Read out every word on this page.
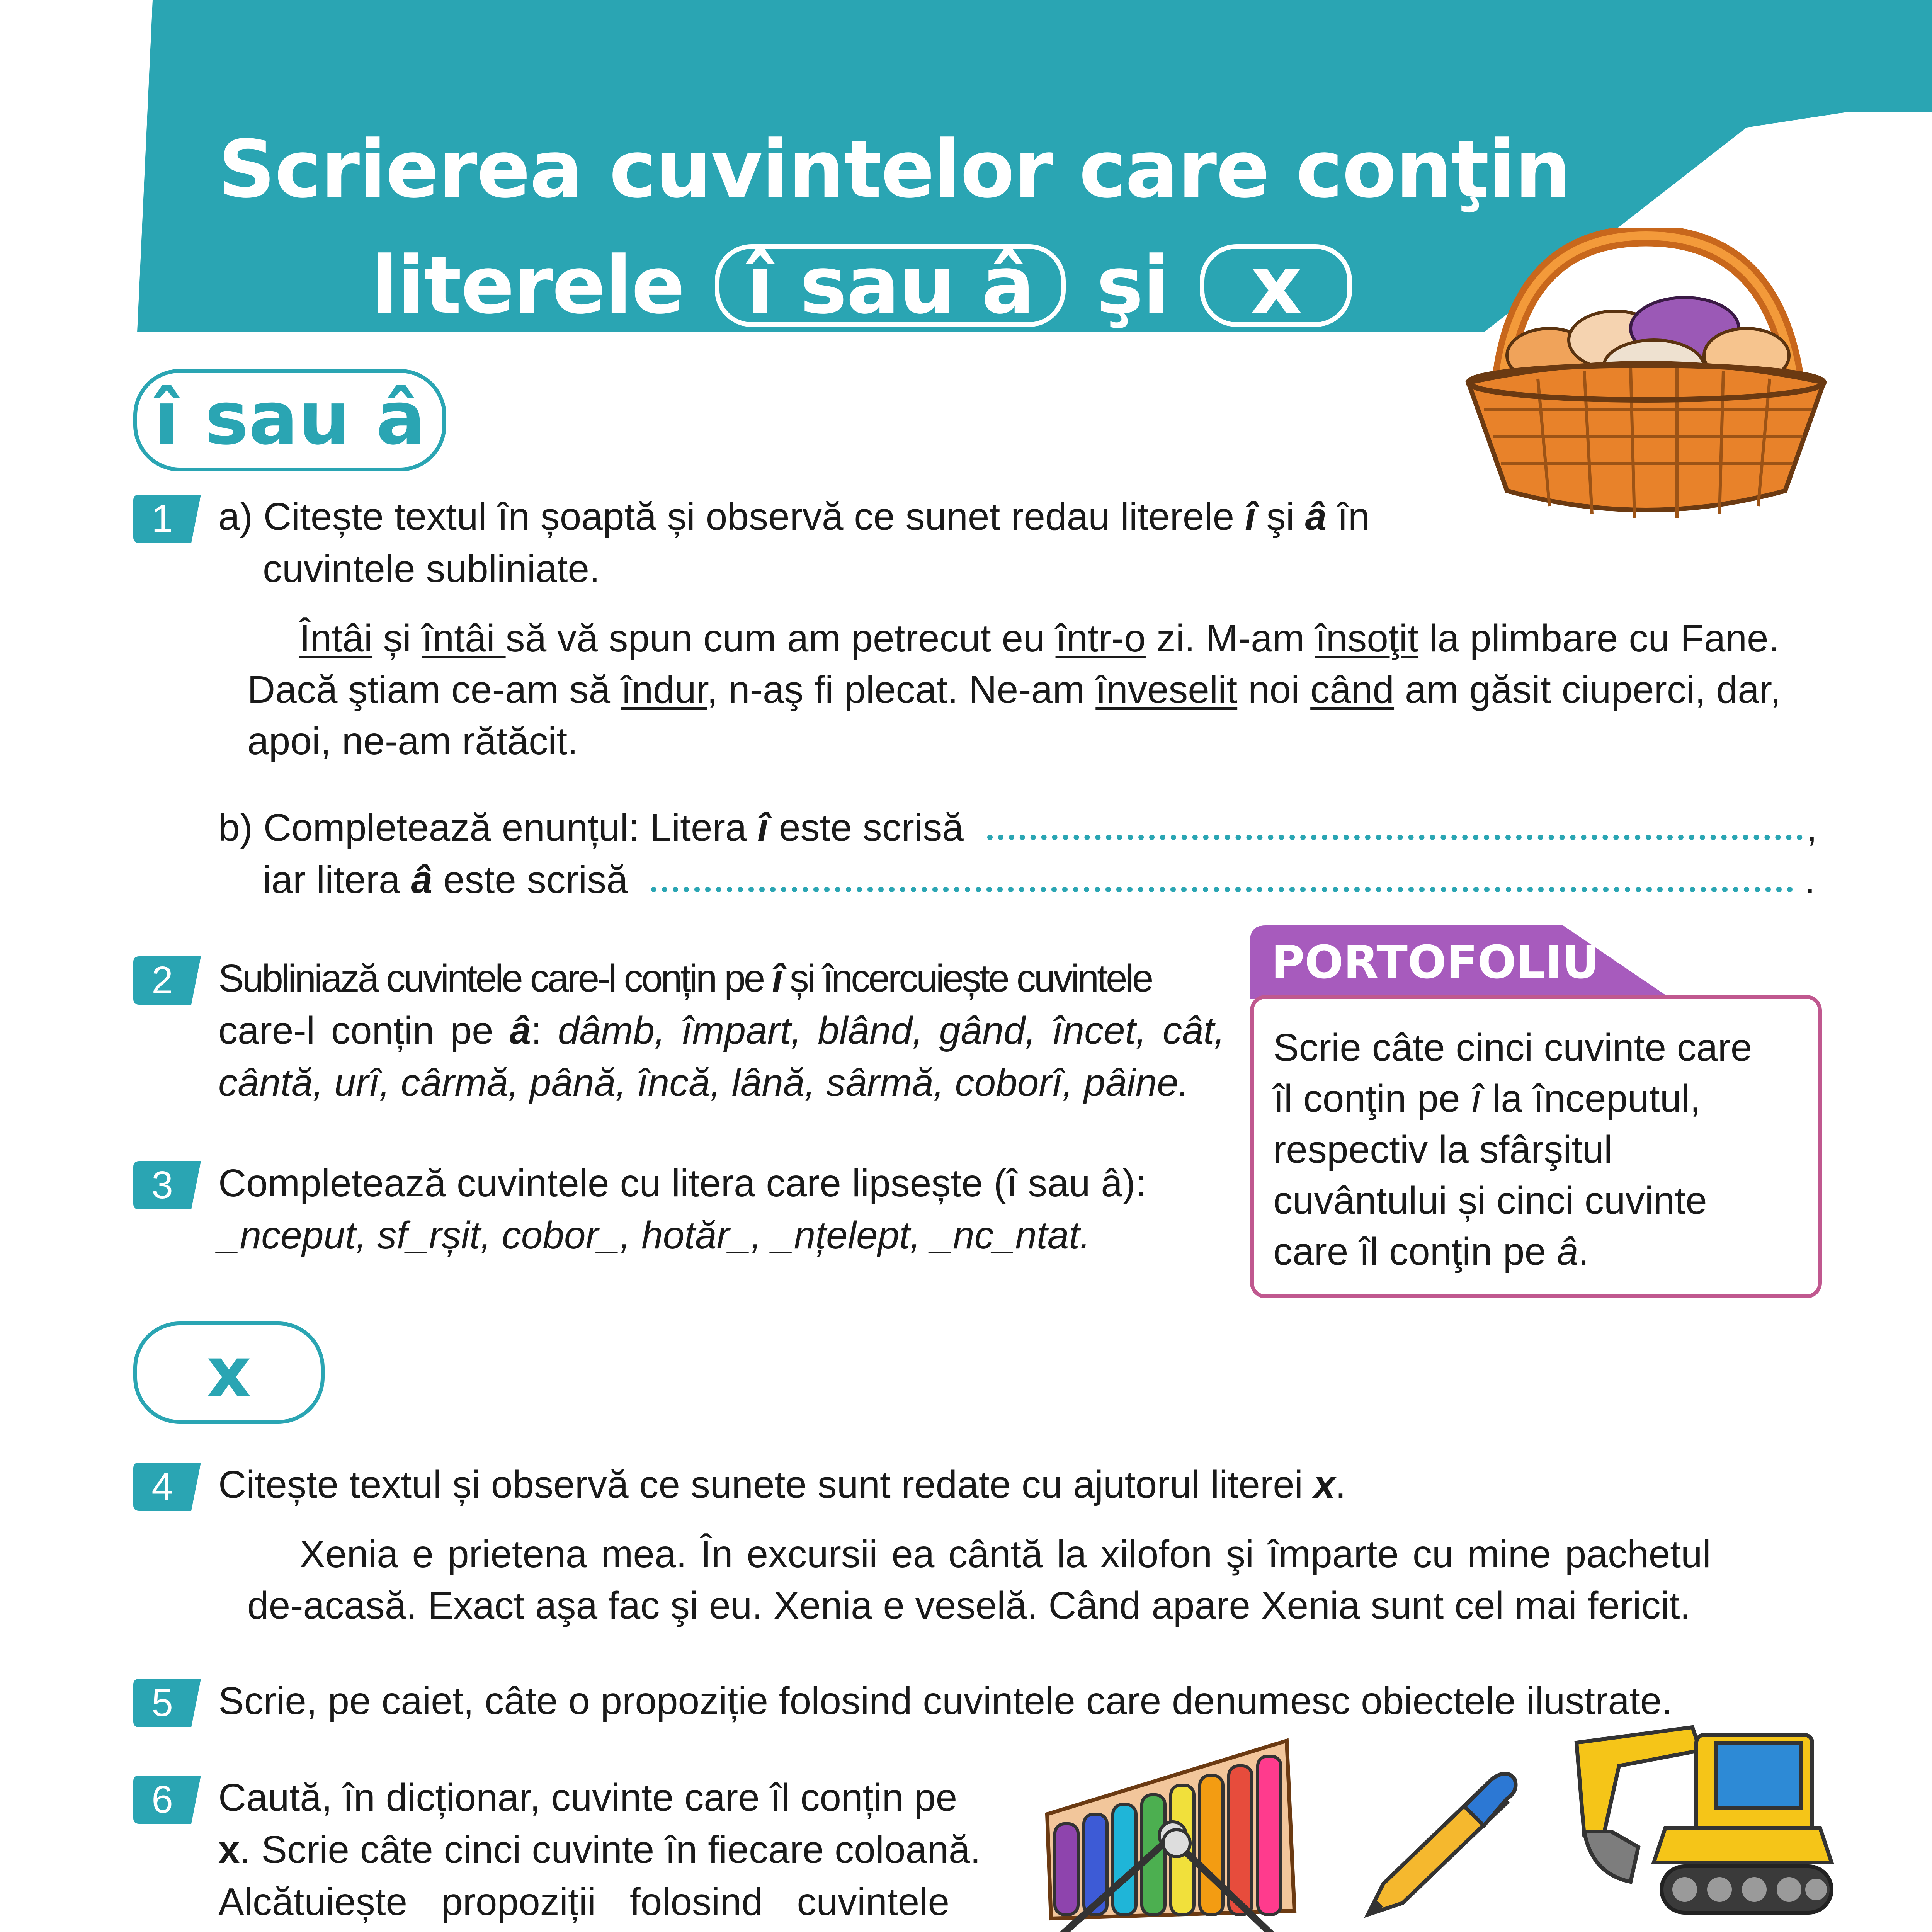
Scrierea cuvintelor care conţin
literele î sau â şi x
î sau â
1	a) Citește textul în șoaptă și observă ce sunet redau literele î şi â în
cuvintele subliniate.
Întâi și întâi să vă spun cum am petrecut eu într-o zi. M-am însoţit la plimbare cu Fane.
Dacă ştiam ce-am să îndur, n-aş fi plecat. Ne-am înveselit noi când am găsit ciuperci, dar,
apoi, ne-am rătăcit.
b) Completează enunțul: Litera î este scrisă	,
iar litera â este scrisă	.
2	Subliniază cuvintele care-l conțin pe î și încercuiește cuvintele
care-l conțin pe â: dâmb, împart, blând, gând, încet, cât,
cântă, urî, cârmă, până, încă, lână, sârmă, coborî, pâine.
3	Completează cuvintele cu litera care lipsește (î sau â):
_nceput, sf_rșit, cobor_, hotăr_, _nțelept, _nc_ntat.
PORTOFOLIU
Scrie câte cinci cuvinte care
îl conţin pe î la începutul,
respectiv la sfârşitul
cuvântului și cinci cuvinte
care îl conţin pe â.
x
4	Citește textul și observă ce sunete sunt redate cu ajutorul literei x.
Xenia e prietena mea. În excursii ea cântă la xilofon şi împarte cu mine pachetul
de-acasă. Exact aşa fac şi eu. Xenia e veselă. Când apare Xenia sunt cel mai fericit.
5	Scrie, pe caiet, câte o propoziție folosind cuvintele care denumesc obiectele ilustrate.
6	Caută, în dicționar, cuvinte care îl conțin pe
x. Scrie câte cinci cuvinte în fiecare coloană.
Alcătuiește propoziții folosind cuvintele
